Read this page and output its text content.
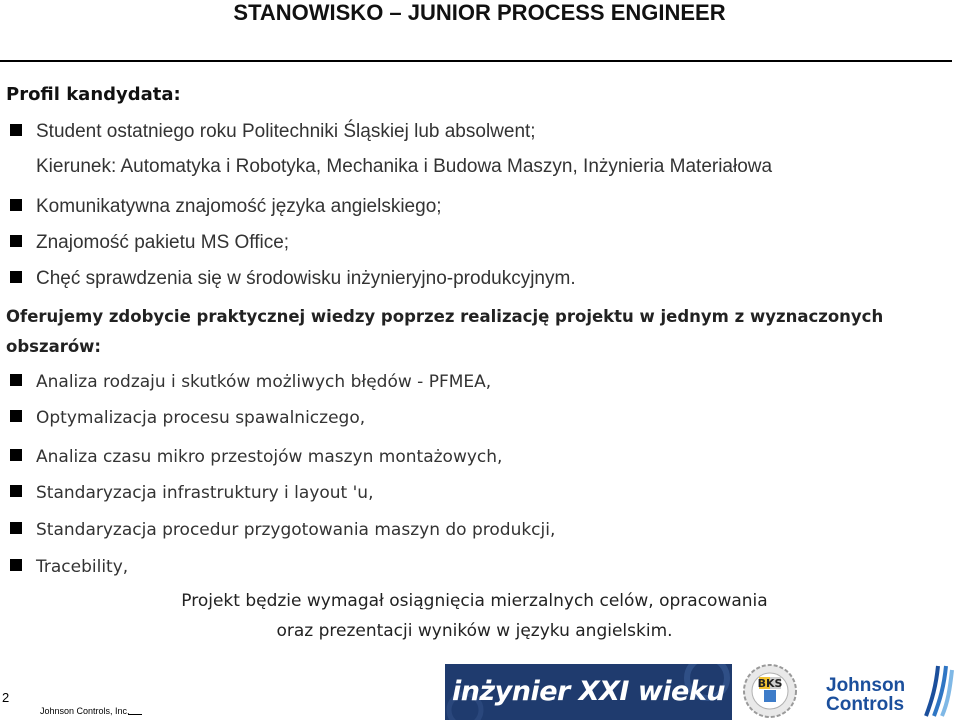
STANOWISKO – JUNIOR PROCESS ENGINEER
Profil kandydata:
Student ostatniego roku Politechniki Śląskiej lub absolwent;
Kierunek: Automatyka i Robotyka, Mechanika i Budowa Maszyn, Inżynieria Materiałowa
Komunikatywna znajomość języka angielskiego;
Znajomość pakietu MS Office;
Chęć sprawdzenia się w środowisku inżynieryjno-produkcyjnym.
Oferujemy zdobycie praktycznej wiedzy poprzez realizację projektu w jednym z wyznaczonych obszarów:
Analiza rodzaju i skutków możliwych błędów - PFMEA,
Optymalizacja procesu spawalniczego,
Analiza czasu mikro przestojów maszyn montażowych,
Standaryzacja infrastruktury i layout 'u,
Standaryzacja procedur przygotowania maszyn do produkcji,
Tracebility,
Projekt będzie wymagał osiągnięcia mierzalnych celów, opracowania
oraz prezentacji wyników w języku angielskim.
2
Johnson Controls, Inc.
inżynier XXI wieku	BKS Johnson
Controls
